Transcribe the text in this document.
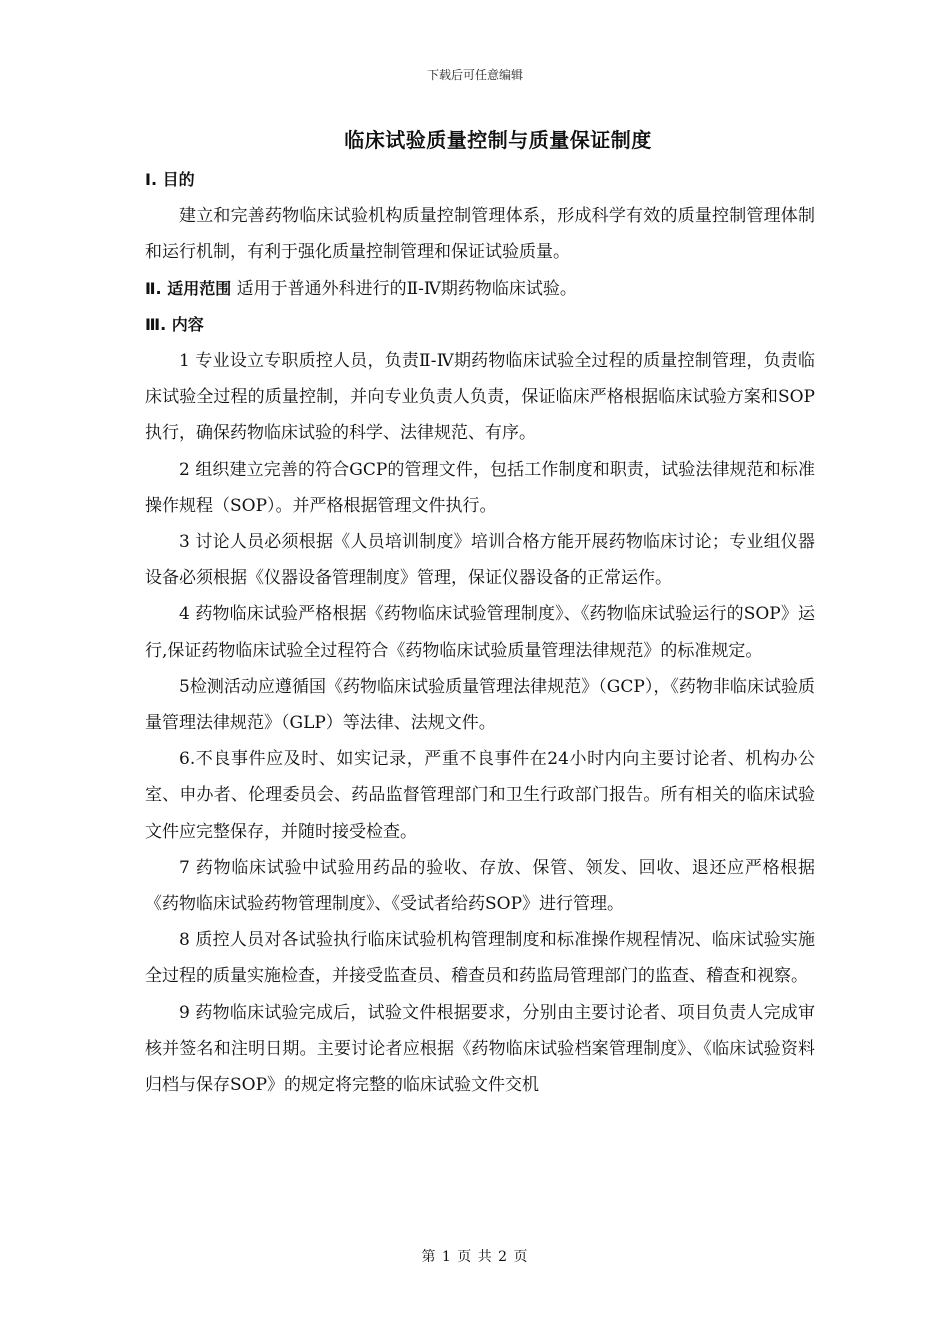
下载后可任意编辑
临床试验质量控制与质量保证制度

Ⅰ. 目的

建立和完善药物临床试验机构质量控制管理体系，形成科学有效的质量控制管理体制和运行机制，有利于强化质量控制管理和保证试验质量。

Ⅱ. 适用范围 适用于普通外科进行的Ⅱ-Ⅳ期药物临床试验。

Ⅲ. 内容

1 专业设立专职质控人员，负责Ⅱ-Ⅳ期药物临床试验全过程的质量控制管理，负责临床试验全过程的质量控制，并向专业负责人负责，保证临床严格根据临床试验方案和SOP执行，确保药物临床试验的科学、法律规范、有序。

2 组织建立完善的符合GCP的管理文件，包括工作制度和职责，试验法律规范和标准操作规程（SOP）。并严格根据管理文件执行。

3 讨论人员必须根据《人员培训制度》培训合格方能开展药物临床讨论；专业组仪器设备必须根据《仪器设备管理制度》管理，保证仪器设备的正常运作。

4 药物临床试验严格根据《药物临床试验管理制度》、《药物临床试验运行的SOP》运行,保证药物临床试验全过程符合《药物临床试验质量管理法律规范》的标准规定。

5检测活动应遵循国《药物临床试验质量管理法律规范》（GCP），《药物非临床试验质量管理法律规范》（GLP）等法律、法规文件。

6.不良事件应及时、如实记录，严重不良事件在24小时内向主要讨论者、机构办公室、申办者、伦理委员会、药品监督管理部门和卫生行政部门报告。所有相关的临床试验文件应完整保存，并随时接受检查。

7 药物临床试验中试验用药品的验收、存放、保管、领发、回收、退还应严格根据《药物临床试验药物管理制度》、《受试者给药SOP》进行管理。

8 质控人员对各试验执行临床试验机构管理制度和标准操作规程情况、临床试验实施全过程的质量实施检查，并接受监查员、稽查员和药监局管理部门的监查、稽查和视察。

9 药物临床试验完成后，试验文件根据要求，分别由主要讨论者、项目负责人完成审核并签名和注明日期。主要讨论者应根据《药物临床试验档案管理制度》、《临床试验资料归档与保存SOP》的规定将完整的临床试验文件交机

第 1 页 共 2 页
